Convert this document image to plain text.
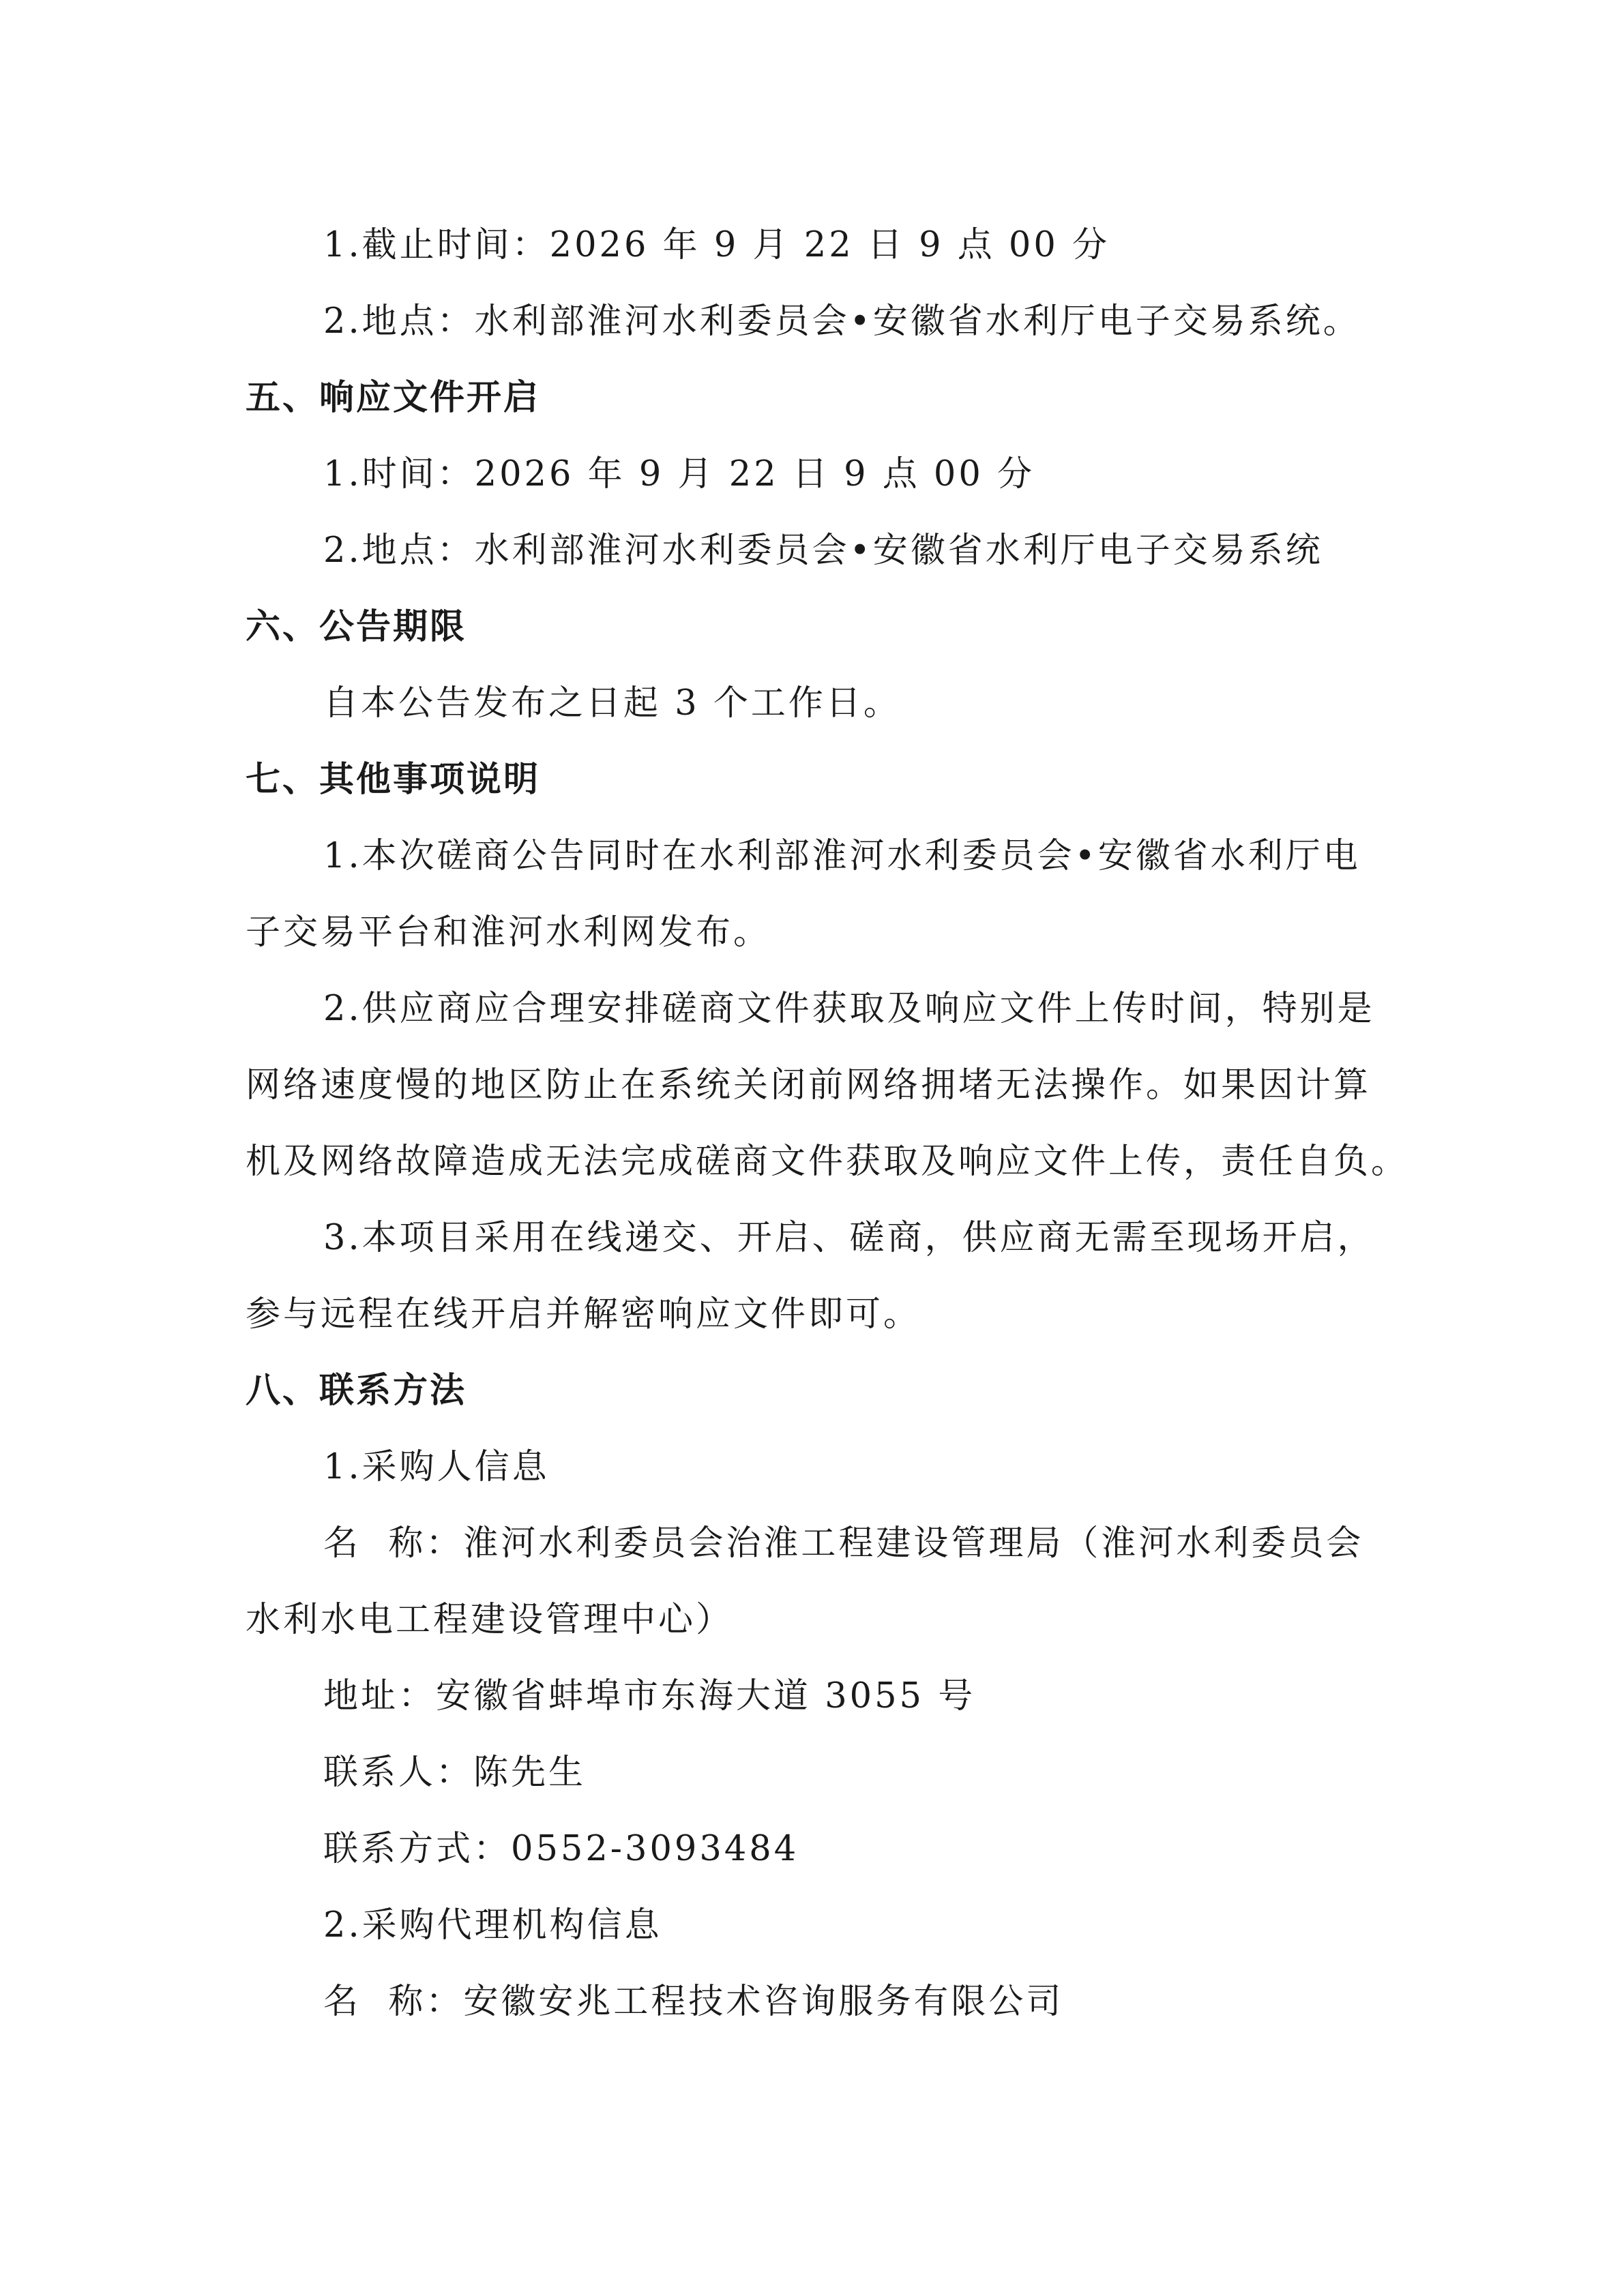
1.截止时间：2026 年 9 月 22 日 9 点 00 分
2.地点：水利部淮河水利委员会•安徽省水利厅电子交易系统。
五、响应文件开启
1.时间：2026 年 9 月 22 日 9 点 00 分
2.地点：水利部淮河水利委员会•安徽省水利厅电子交易系统
六、公告期限
自本公告发布之日起 3 个工作日。
七、其他事项说明
1.本次磋商公告同时在水利部淮河水利委员会•安徽省水利厅电
子交易平台和淮河水利网发布。
2.供应商应合理安排磋商文件获取及响应文件上传时间，特别是
网络速度慢的地区防止在系统关闭前网络拥堵无法操作。如果因计算
机及网络故障造成无法完成磋商文件获取及响应文件上传，责任自负。
3.本项目采用在线递交、开启、磋商，供应商无需至现场开启，
参与远程在线开启并解密响应文件即可。
八、联系方法
1.采购人信息
名  称：淮河水利委员会治淮工程建设管理局（淮河水利委员会
水利水电工程建设管理中心）
地址：安徽省蚌埠市东海大道 3055 号
联系人：陈先生
联系方式：0552-3093484
2.采购代理机构信息
名  称：安徽安兆工程技术咨询服务有限公司
